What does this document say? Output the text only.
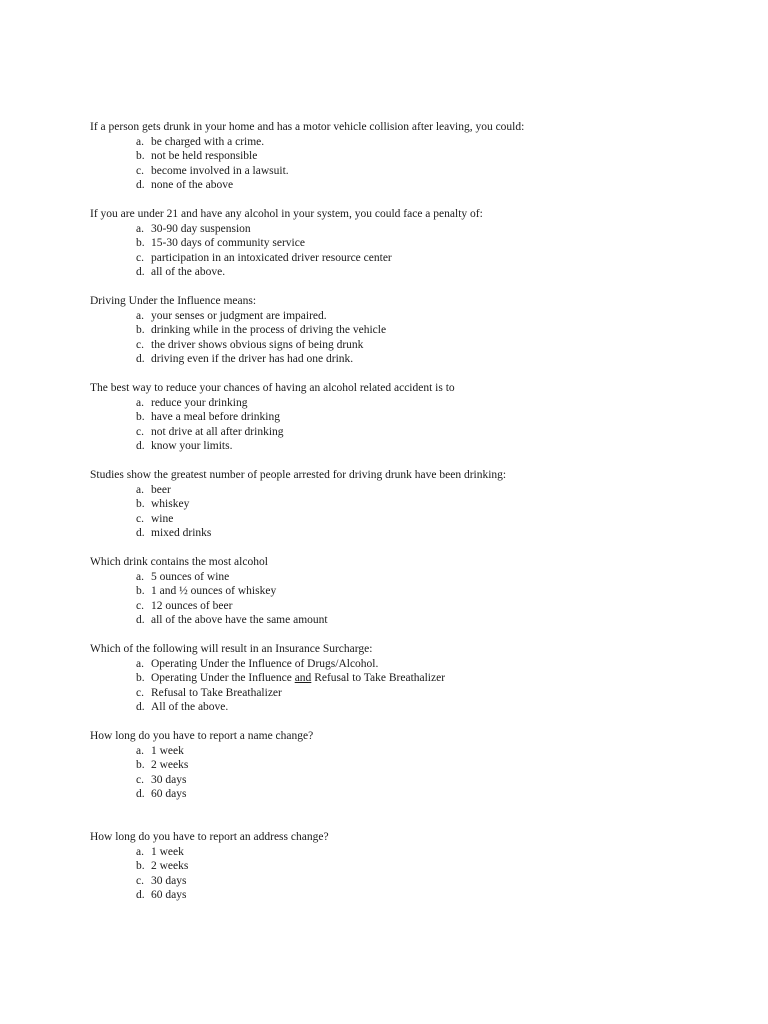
If a person gets drunk in your home and has a motor vehicle collision after leaving, you could:

a. be charged with a crime.
b. not be held responsible
c. become involved in a lawsuit.
d. none of the above

If you are under 21 and have any alcohol in your system, you could face a penalty of:

a. 30-90 day suspension
b. 15-30 days of community service
c. participation in an intoxicated driver resource center
d. all of the above.

Driving Under the Influence means:

a. your senses or judgment are impaired.
b. drinking while in the process of driving the vehicle
c. the driver shows obvious signs of being drunk
d. driving even if the driver has had one drink.

The best way to reduce your chances of having an alcohol related accident is to

a. reduce your drinking
b. have a meal before drinking
c. not drive at all after drinking
d. know your limits.

Studies show the greatest number of people arrested for driving drunk have been drinking:

a. beer
b. whiskey
c. wine
d. mixed drinks

Which drink contains the most alcohol

a. 5 ounces of wine
b. 1 and ½ ounces of whiskey
c. 12 ounces of beer
d. all of the above have the same amount

Which of the following will result in an Insurance Surcharge:

a. Operating Under the Influence of Drugs/Alcohol.
b. Operating Under the Influence and Refusal to Take Breathalizer
c. Refusal to Take Breathalizer
d. All of the above.

How long do you have to report a name change?

a. 1 week
b. 2 weeks
c. 30 days
d. 60 days

How long do you have to report an address change?

a. 1 week
b. 2 weeks
c. 30 days
d. 60 days
